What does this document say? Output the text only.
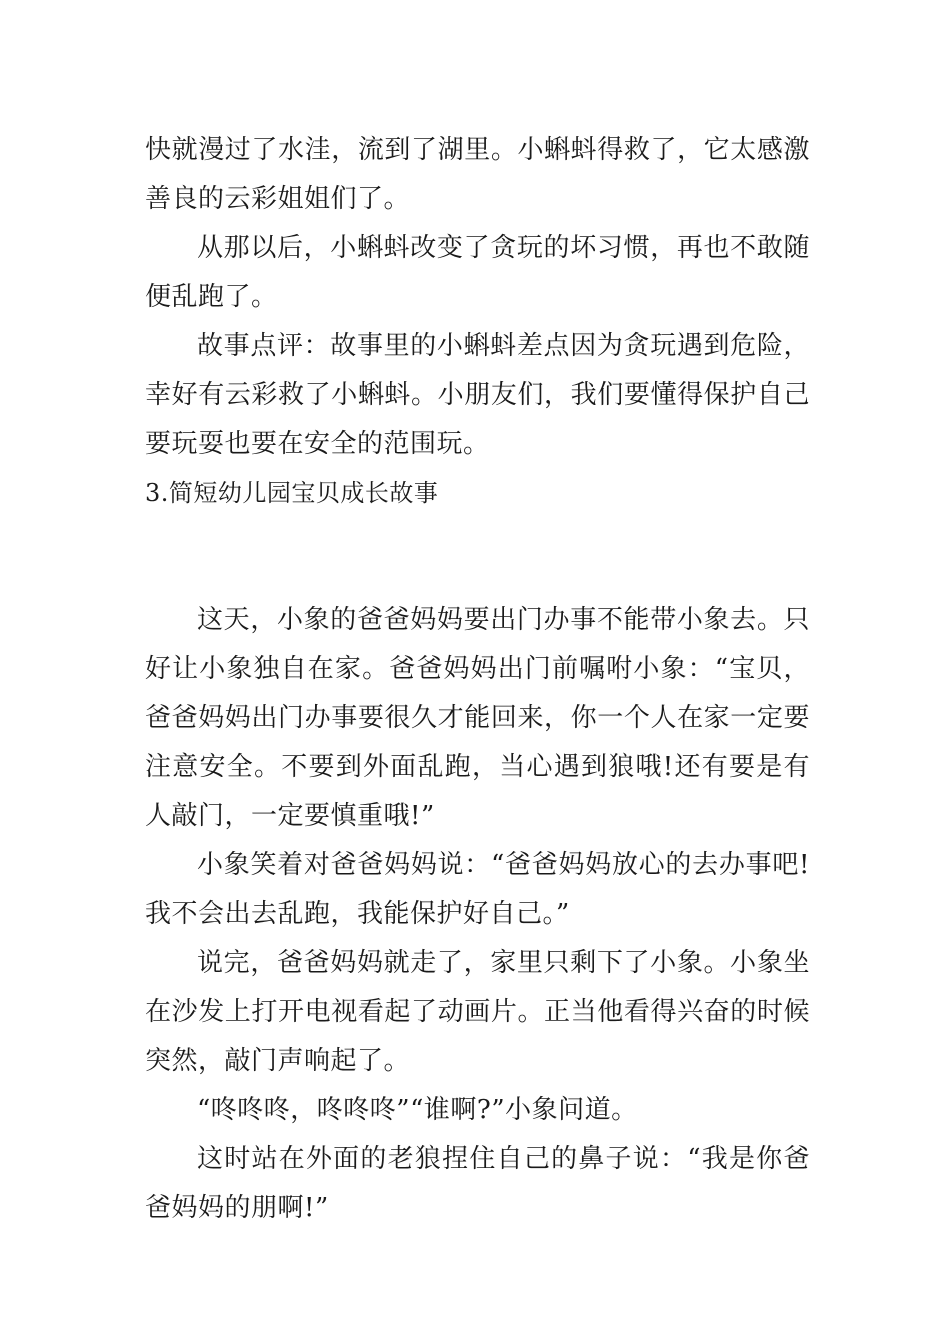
快就漫过了水洼，流到了湖里。小蝌蚪得救了，它太感激善良的云彩姐姐们了。

从那以后，小蝌蚪改变了贪玩的坏习惯，再也不敢随便乱跑了。

故事点评：故事里的小蝌蚪差点因为贪玩遇到危险，幸好有云彩救了小蝌蚪。小朋友们，我们要懂得保护自己要玩耍也要在安全的范围玩。

3.简短幼儿园宝贝成长故事

这天，小象的爸爸妈妈要出门办事不能带小象去。只好让小象独自在家。爸爸妈妈出门前嘱咐小象：“宝贝，爸爸妈妈出门办事要很久才能回来，你一个人在家一定要注意安全。不要到外面乱跑，当心遇到狼哦!还有要是有人敲门，一定要慎重哦!”

小象笑着对爸爸妈妈说：“爸爸妈妈放心的去办事吧!我不会出去乱跑，我能保护好自己。”

说完，爸爸妈妈就走了，家里只剩下了小象。小象坐在沙发上打开电视看起了动画片。正当他看得兴奋的时候突然，敲门声响起了。

“咚咚咚，咚咚咚”“谁啊?”小象问道。

这时站在外面的老狼捏住自己的鼻子说：“我是你爸爸妈妈的朋啊!”
